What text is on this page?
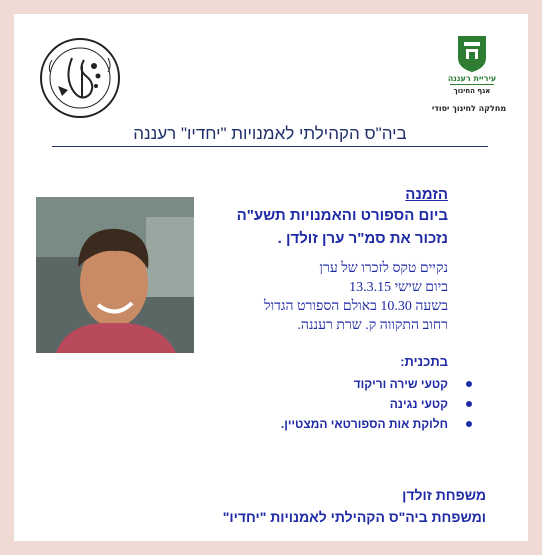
עיריית רעננה
אגף החינוך
מחלקה לחינוך יסודי
ביה"ס הקהילתי לאמנויות "יחדיו" רעננה
הזמנה
ביום הספורט והאמנויות תשע"ה
נזכור את סמ"ר ערן זולדן .
נקיים טקס לזכרו של ערן
ביום שישי 13.3.15
בשעה 10.30 באולם הספורט הגדול
רחוב התקווה ק. שרת רעננה.
בתכנית:
קטעי שירה וריקוד
קטעי נגינה
חלוקת אות הספורטאי המצטיין.
משפחת זולדן
ומשפחת ביה"ס הקהילתי לאמנויות "יחדיו"
